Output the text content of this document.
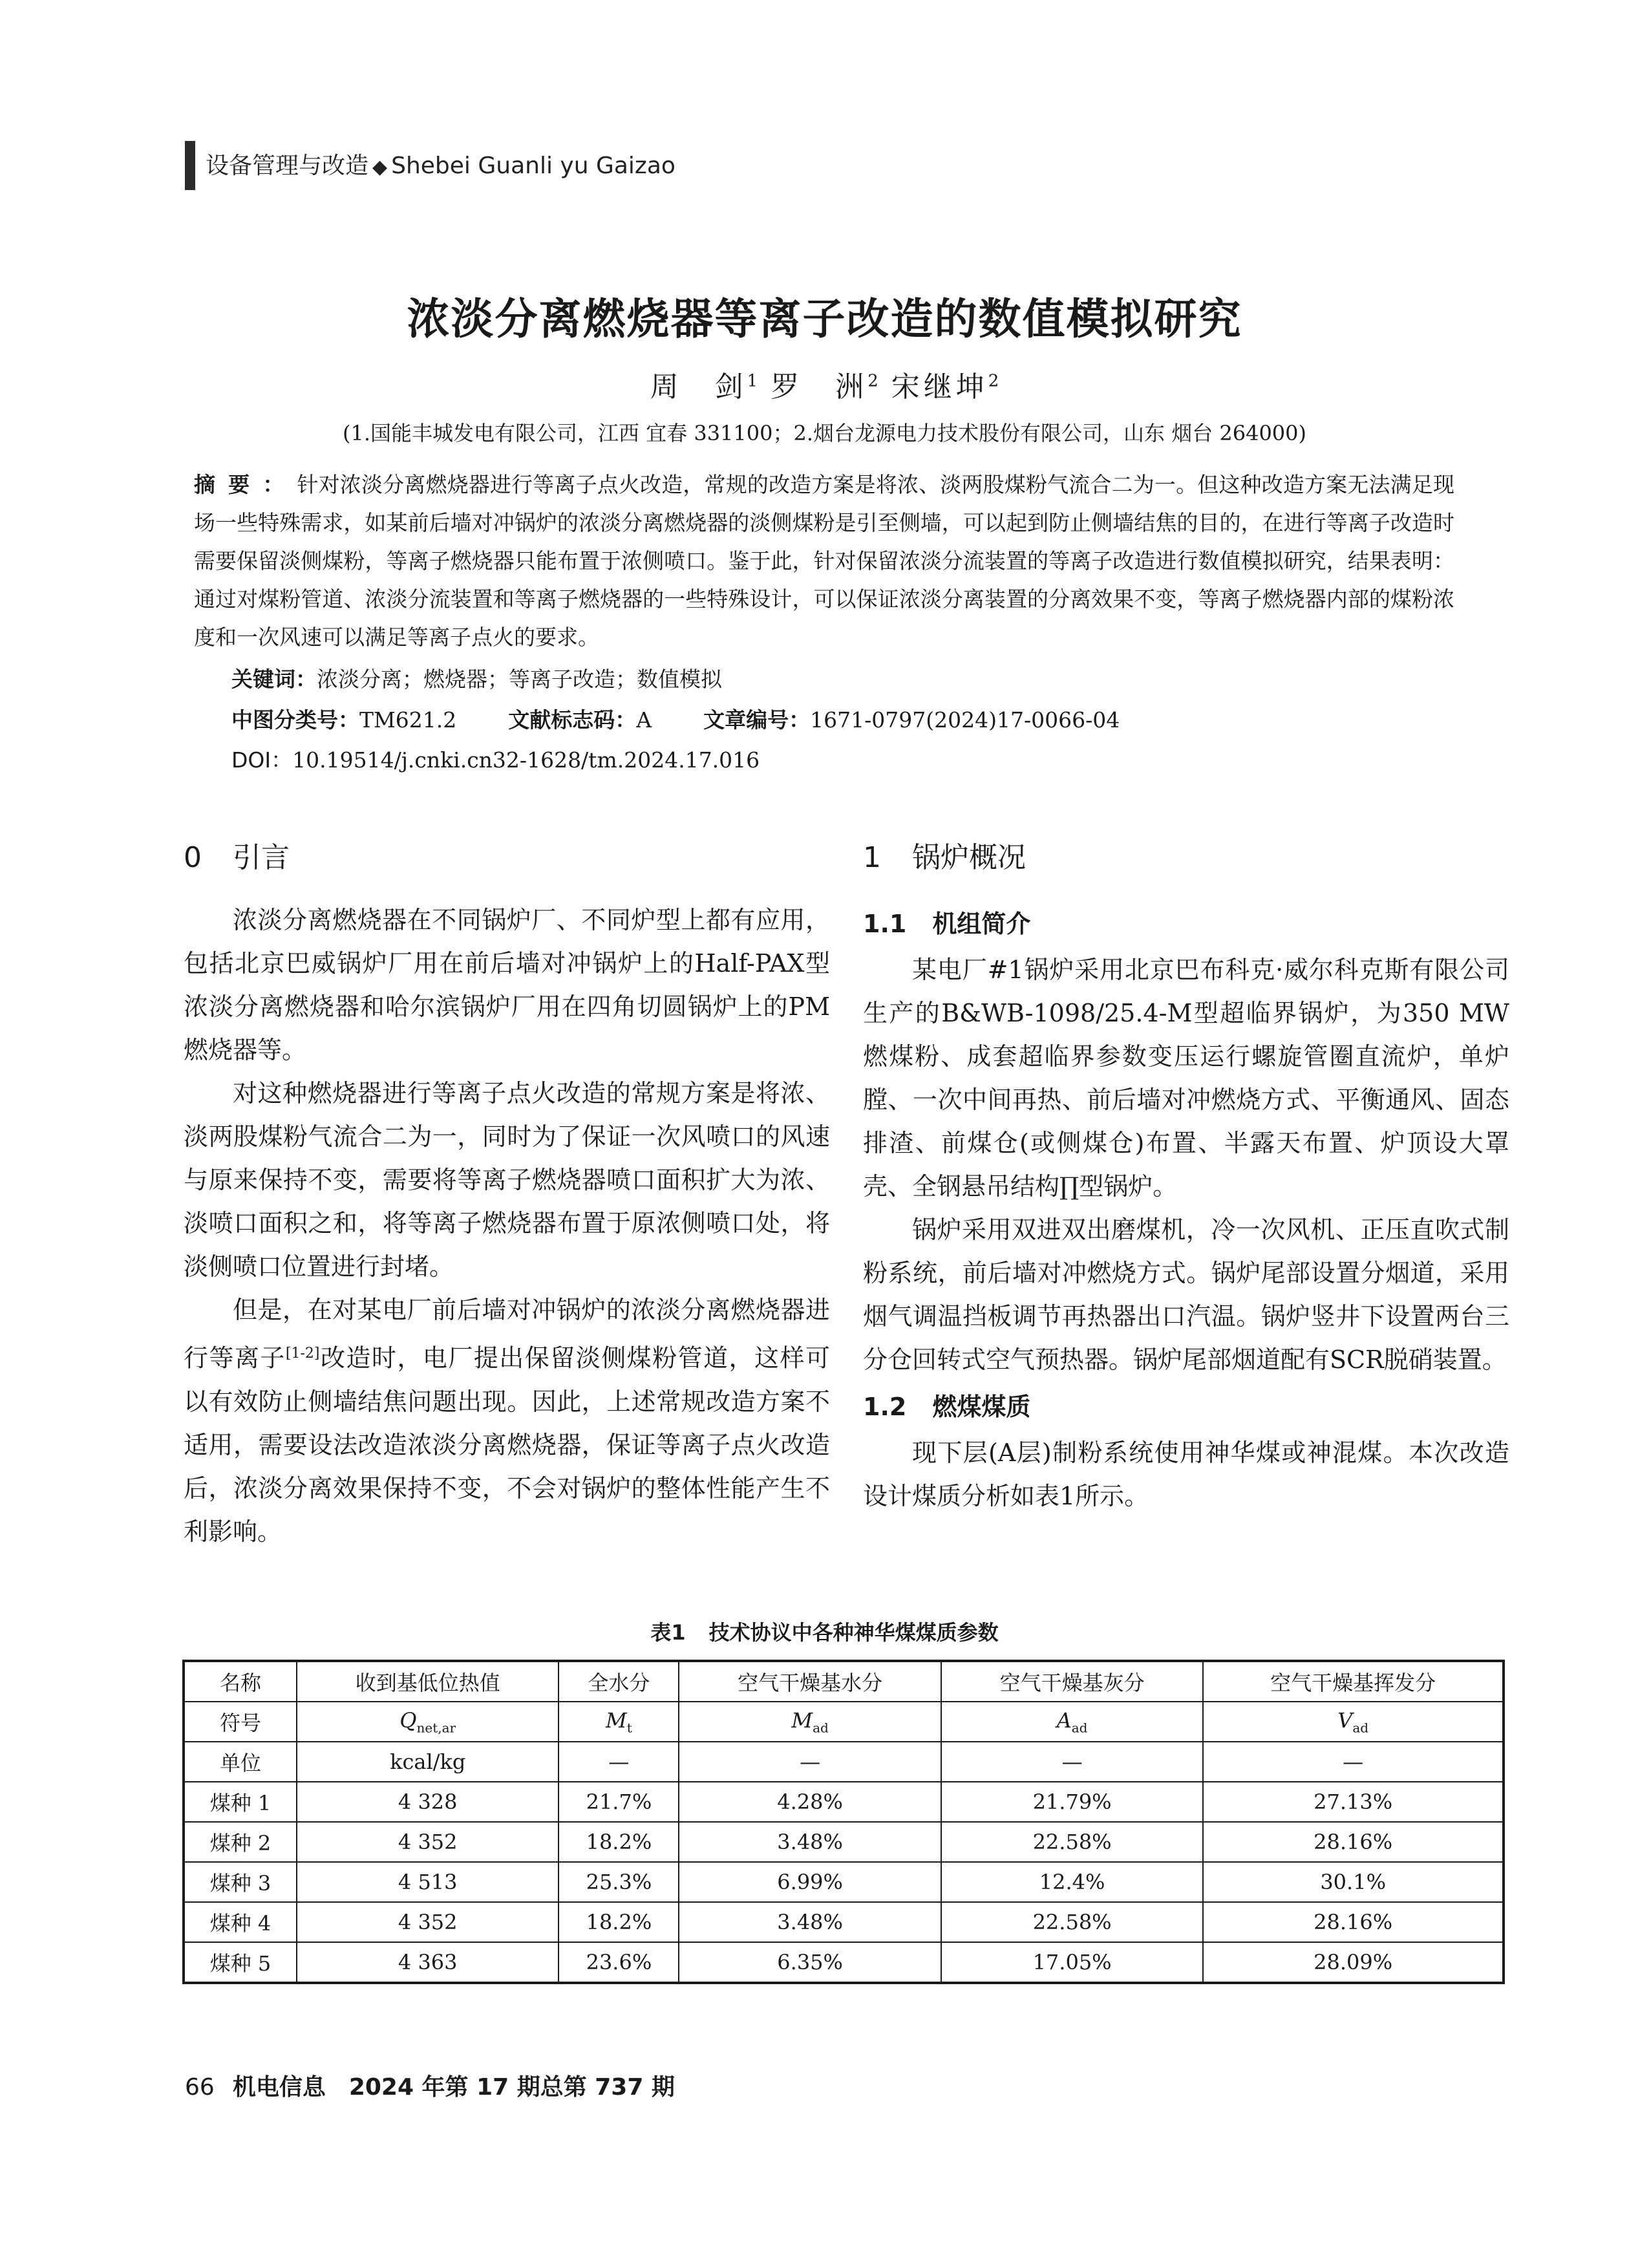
设备管理与改造 ◆ Shebei Guanli yu Gaizao
浓淡分离燃烧器等离子改造的数值模拟研究
周　剑$^1$ 罗　洲$^2$ 宋继坤$^2$
(1.国能丰城发电有限公司，江西 宜春 331100；2.烟台龙源电力技术股份有限公司，山东 烟台 264000)
摘要：针对浓淡分离燃烧器进行等离子点火改造，常规的改造方案是将浓、淡两股煤粉气流合二为一。但这种改造方案无法满足现场一些特殊需求，如某前后墙对冲锅炉的浓淡分离燃烧器的淡侧煤粉是引至侧墙，可以起到防止侧墙结焦的目的，在进行等离子改造时需要保留淡侧煤粉，等离子燃烧器只能布置于浓侧喷口。鉴于此，针对保留浓淡分流装置的等离子改造进行数值模拟研究，结果表明：通过对煤粉管道、浓淡分流装置和等离子燃烧器的一些特殊设计，可以保证浓淡分离装置的分离效果不变，等离子燃烧器内部的煤粉浓度和一次风速可以满足等离子点火的要求。
关键词：浓淡分离；燃烧器；等离子改造；数值模拟
中图分类号：TM621.2 文献标志码：A 文章编号：1671-0797(2024)17-0066-04
DOI：10.19514/j.cnki.cn32-1628/tm.2024.17.016
0 引言	1 锅炉概况

浓淡分离燃烧器在不同锅炉厂、不同炉型上都有应用，包括北京巴威锅炉厂用在前后墙对冲锅炉上的Half-PAX型浓淡分离燃烧器和哈尔滨锅炉厂用在四角切圆锅炉上的PM燃烧器等。

对这种燃烧器进行等离子点火改造的常规方案是将浓、淡两股煤粉气流合二为一，同时为了保证一次风喷口的风速与原来保持不变，需要将等离子燃烧器喷口面积扩大为浓、淡喷口面积之和，将等离子燃烧器布置于原浓侧喷口处，将淡侧喷口位置进行封堵。

但是，在对某电厂前后墙对冲锅炉的浓淡分离燃烧器进行等离子[1-2]改造时，电厂提出保留淡侧煤粉管道，这样可以有效防止侧墙结焦问题出现。因此，上述常规改造方案不适用，需要设法改造浓淡分离燃烧器，保证等离子点火改造后，浓淡分离效果保持不变，不会对锅炉的整体性能产生不利影响。

1.1 机组简介

某电厂#1锅炉采用北京巴布科克·威尔科克斯有限公司生产的B&WB-1098/25.4-M型超临界锅炉，为350 MW燃煤粉、成套超临界参数变压运行螺旋管圈直流炉，单炉膛、一次中间再热、前后墙对冲燃烧方式、平衡通风、固态排渣、前煤仓(或侧煤仓)布置、半露天布置、炉顶设大罩壳、全钢悬吊结构∏型锅炉。

锅炉采用双进双出磨煤机，冷一次风机、正压直吹式制粉系统，前后墙对冲燃烧方式。锅炉尾部设置分烟道，采用烟气调温挡板调节再热器出口汽温。锅炉竖井下设置两台三分仓回转式空气预热器。锅炉尾部烟道配有SCR脱硝装置。

1.2 燃煤煤质

现下层(A层)制粉系统使用神华煤或神混煤。本次改造设计煤质分析如表1所示。

表1 技术协议中各种神华煤煤质参数
名称	收到基低位热值	全水分	空气干燥基水分	空气干燥基灰分	空气干燥基挥发分
符号	$Q_{net,ar}$	$M_t$	$M_{ad}$	$A_{ad}$	$V_{ad}$
单位	kcal/kg	—	—	—	—
煤种 1	4 328	21.7%	4.28%	21.79%	27.13%
煤种 2	4 352	18.2%	3.48%	22.58%	28.16%
煤种 3	4 513	25.3%	6.99%	12.4%	30.1%
煤种 4	4 352	18.2%	3.48%	22.58%	28.16%
煤种 5	4 363	23.6%	6.35%	17.05%	28.09%
66 机电信息 2024 年第 17 期总第 737 期
